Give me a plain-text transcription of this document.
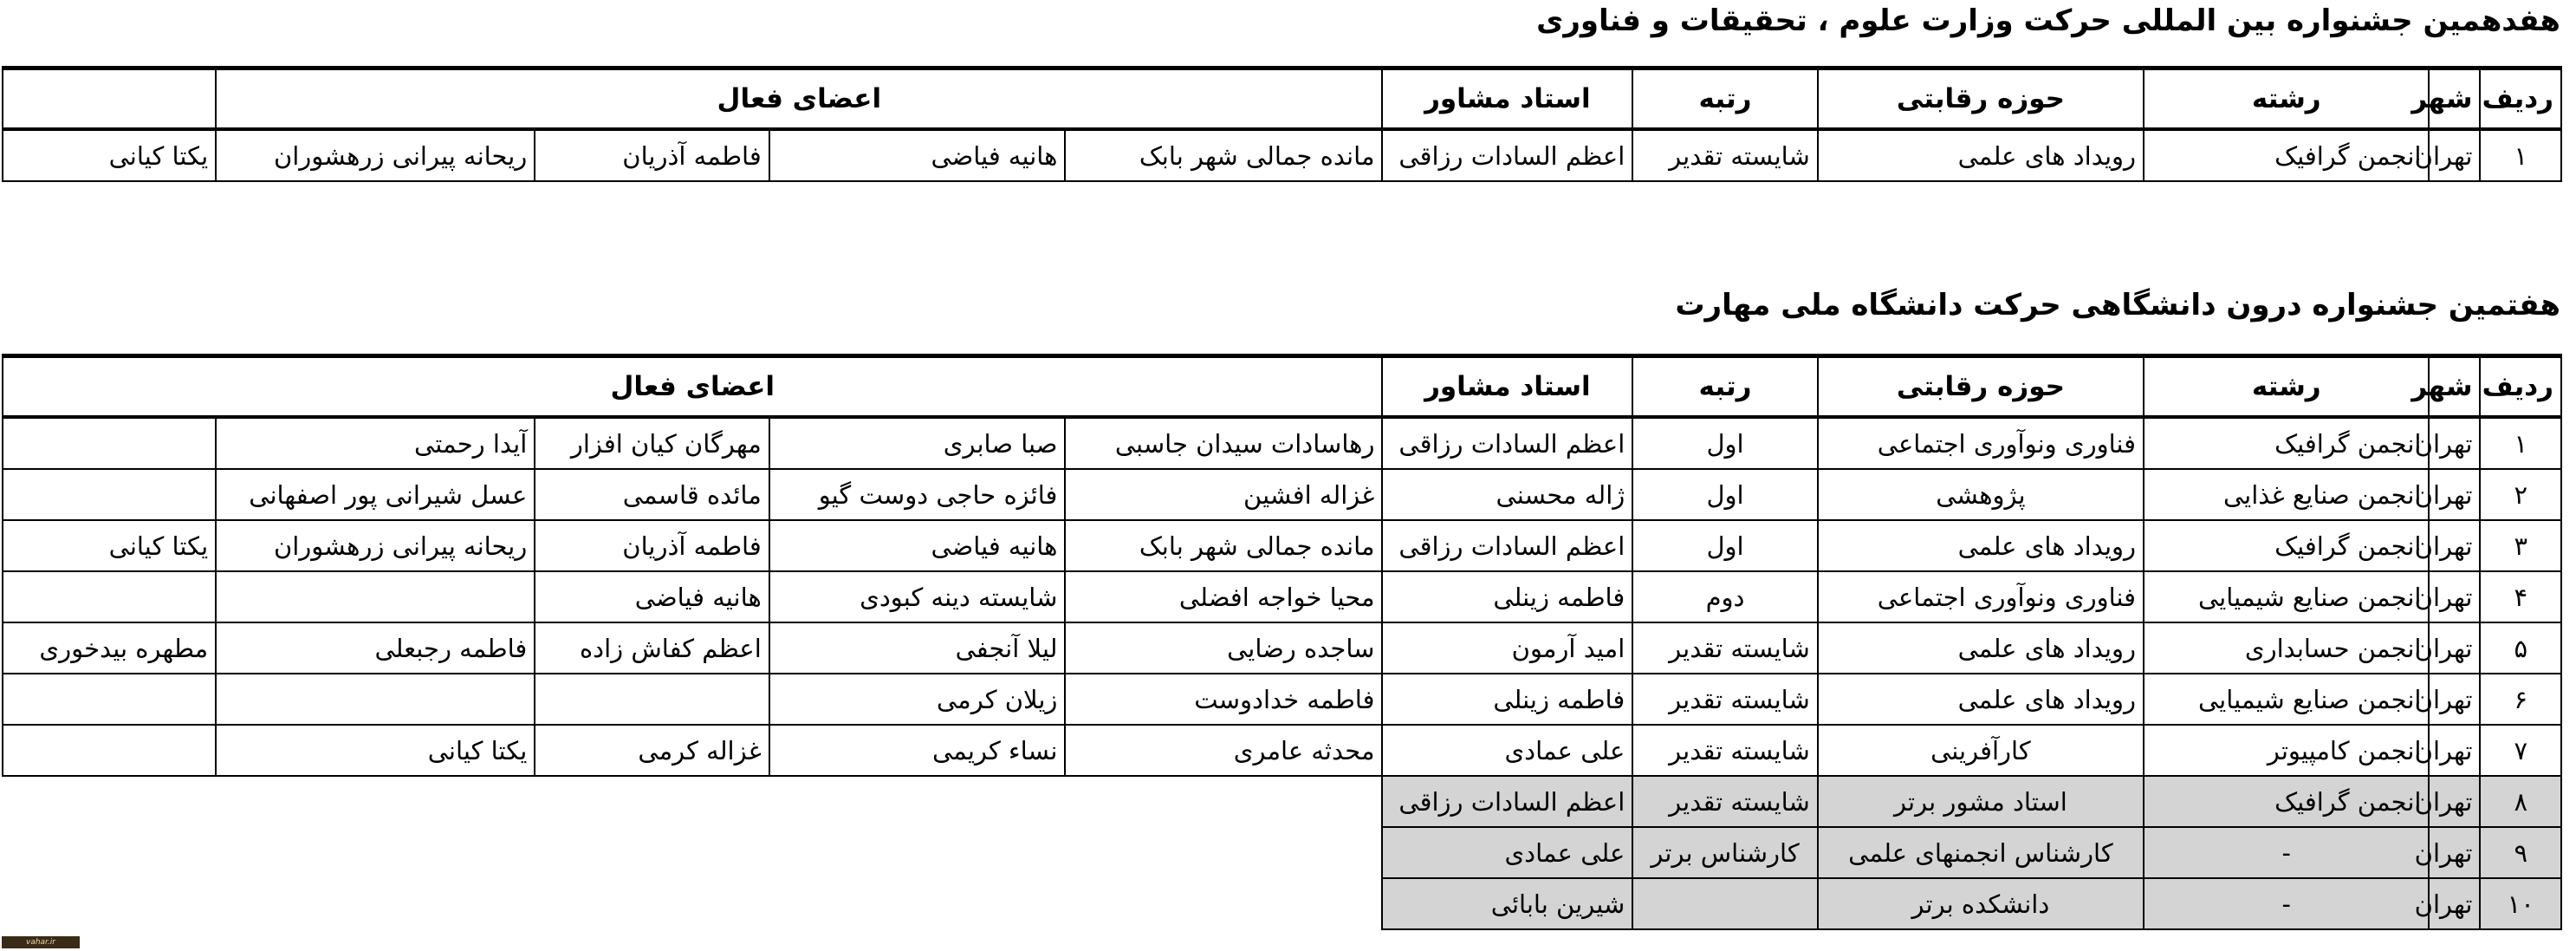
هفدهمین جشنواره بین المللی حرکت وزارت علوم ، تحقیقات و فناوری
ردیف	شهر	رشته	حوزه رقابتی	رتبه	استاد مشاور	اعضای فعال				
۱	تهران	انجمن گرافیک	رویداد های علمی	شایسته تقدیر	اعظم السادات رزاقی	مانده جمالی شهر بابک	هانیه فیاضی	فاطمه آذریان	ریحانه پیرانی زرهشوران	یکتا کیانی
هفتمین جشنواره درون دانشگاهی حرکت دانشگاه ملی مهارت
ردیف	شهر	رشته	حوزه رقابتی	رتبه	استاد مشاور	اعضای فعال				
۱	تهران	انجمن گرافیک	فناوری ونوآوری اجتماعی	اول	اعظم السادات رزاقی	رهاسادات سیدان جاسبی	صبا صابری	مهرگان کیان افزار	آیدا رحمتی	
۲	تهران	انجمن صنایع غذایی	پژوهشی	اول	ژاله محسنی	غزاله افشین	فائزه حاجی دوست گیو	مائده قاسمی	عسل شیرانی پور اصفهانی	
۳	تهران	انجمن گرافیک	رویداد های علمی	اول	اعظم السادات رزاقی	مانده جمالی شهر بابک	هانیه فیاضی	فاطمه آذریان	ریحانه پیرانی زرهشوران	یکتا کیانی
۴	تهران	انجمن صنایع شیمیایی	فناوری ونوآوری اجتماعی	دوم	فاطمه زینلی	محیا خواجه افضلی	شایسته دینه کبودی	هانیه فیاضی		
۵	تهران	انجمن حسابداری	رویداد های علمی	شایسته تقدیر	امید آرمون	ساجده رضایی	لیلا آنجفی	اعظم کفاش زاده	فاطمه رجبعلی	مطهره بیدخوری
۶	تهران	انجمن صنایع شیمیایی	رویداد های علمی	شایسته تقدیر	فاطمه زینلی	فاطمه خدادوست	زیلان کرمی			
۷	تهران	انجمن کامپیوتر	کارآفرینی	شایسته تقدیر	علی عمادی	محدثه عامری	نساء کریمی	غزاله کرمی	یکتا کیانی	
۸	تهران	انجمن گرافیک	استاد مشور برتر	شایسته تقدیر	اعظم السادات رزاقی					
۹	تهران	-	کارشناس انجمنهای علمی	کارشناس برتر	علی عمادی					
۱۰	تهران	-	دانشکده برتر		شیرین بابائی					
vahar.ir
